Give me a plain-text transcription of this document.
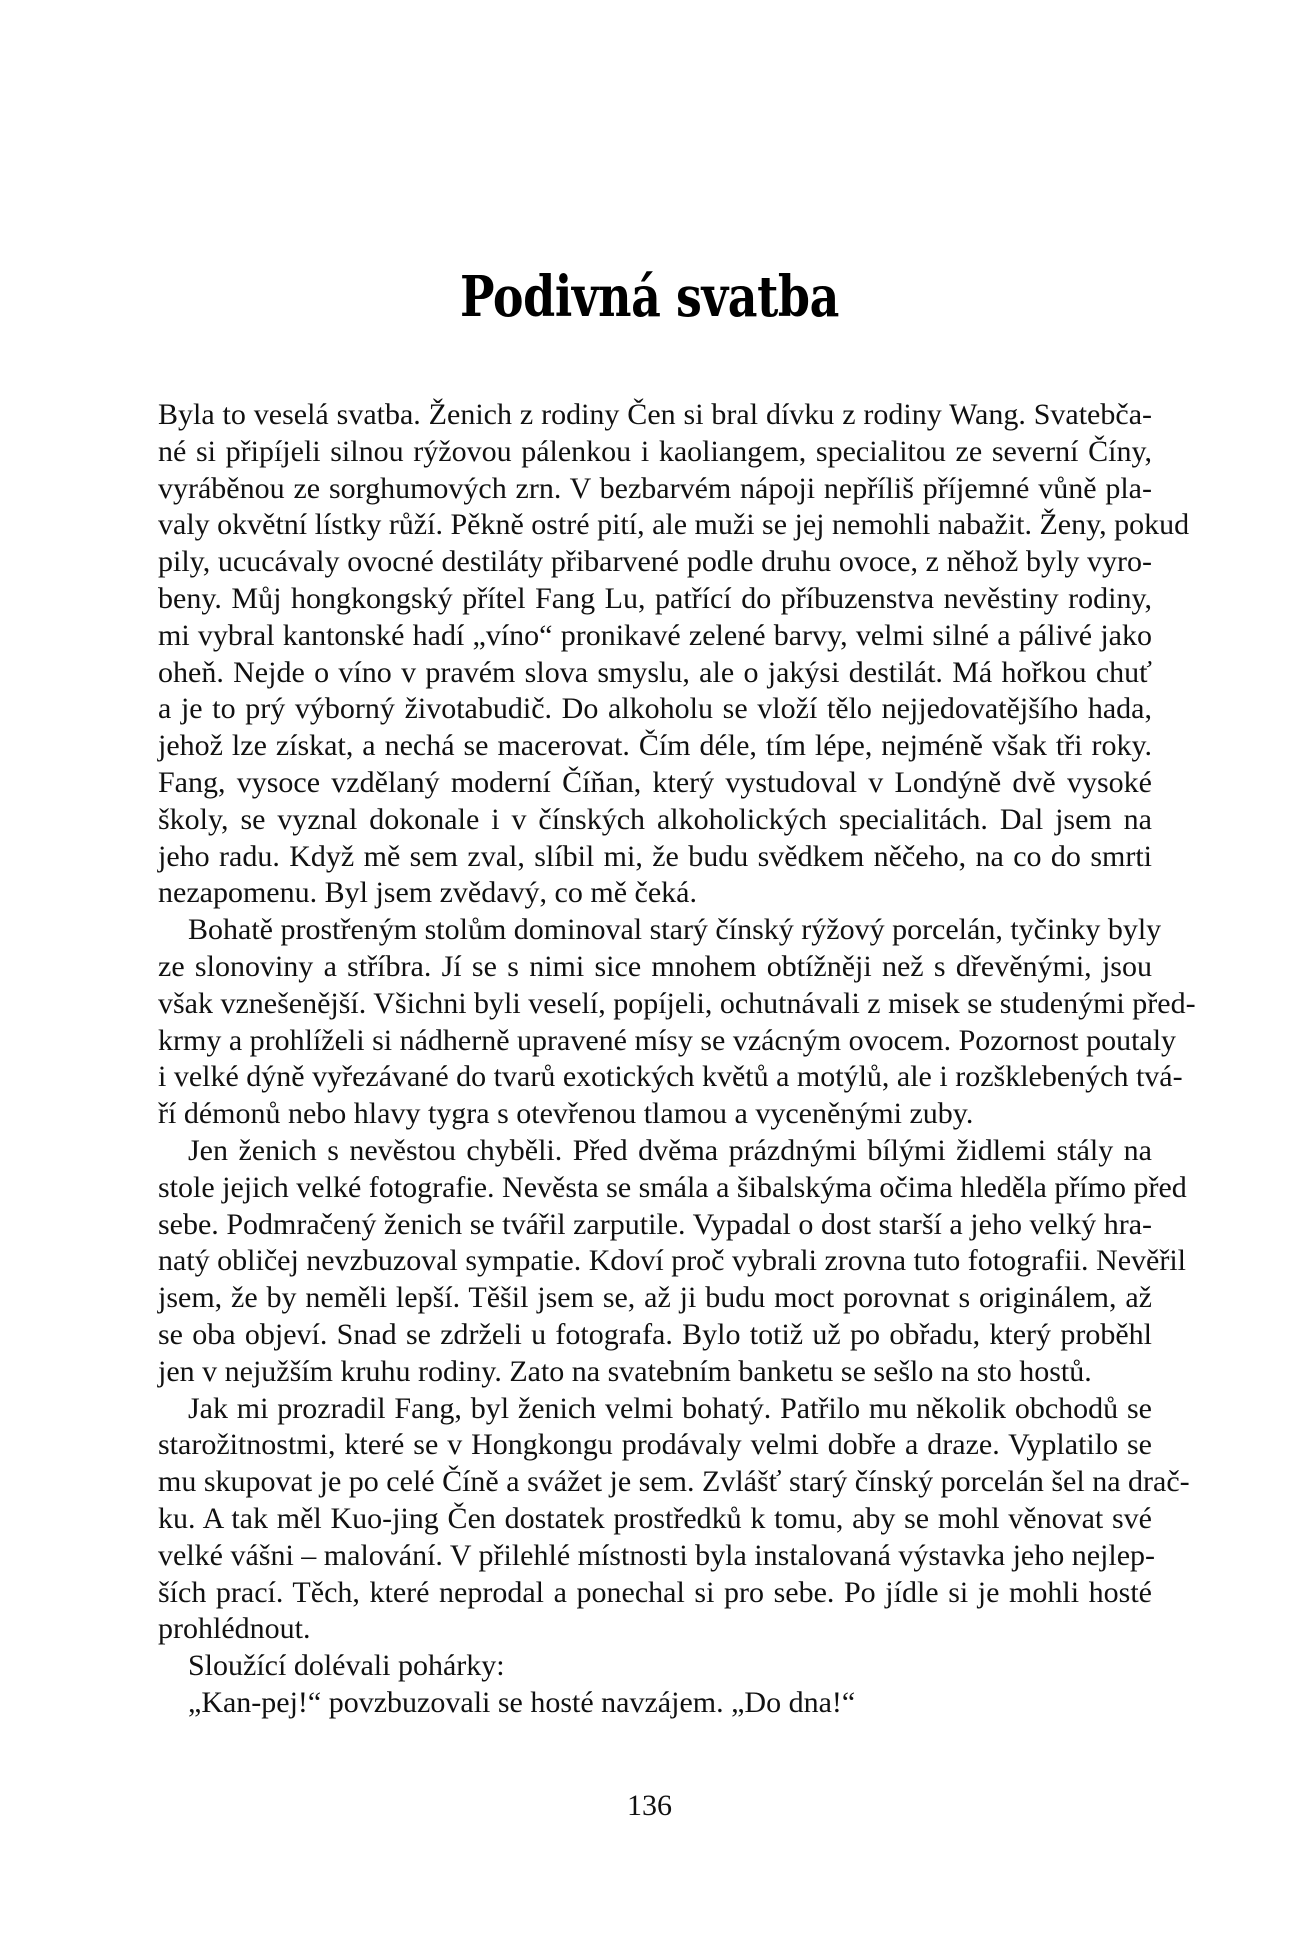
Podivná svatba
Byla to veselá svatba. Ženich z rodiny Čen si bral dívku z rodiny Wang. Svatebča-
né si připíjeli silnou rýžovou pálenkou i kaoliangem, specialitou ze severní Číny,
vyráběnou ze sorghumových zrn. V bezbarvém nápoji nepříliš příjemné vůně pla-
valy okvětní lístky růží. Pěkně ostré pití, ale muži se jej nemohli nabažit. Ženy, pokud
pily, ucucávaly ovocné destiláty přibarvené podle druhu ovoce, z něhož byly vyro-
beny. Můj hongkongský přítel Fang Lu, patřící do příbuzenstva nevěstiny rodiny,
mi vybral kantonské hadí „víno“ pronikavé zelené barvy, velmi silné a pálivé jako
oheň. Nejde o víno v pravém slova smyslu, ale o jakýsi destilát. Má hořkou chuť
a je to prý výborný životabudič. Do alkoholu se vloží tělo nejjedovatějšího hada,
jehož lze získat, a nechá se macerovat. Čím déle, tím lépe, nejméně však tři roky.
Fang, vysoce vzdělaný moderní Číňan, který vystudoval v Londýně dvě vysoké
školy, se vyznal dokonale i v čínských alkoholických specialitách. Dal jsem na
jeho radu. Když mě sem zval, slíbil mi, že budu svědkem něčeho, na co do smrti
nezapomenu. Byl jsem zvědavý, co mě čeká.
Bohatě prostřeným stolům dominoval starý čínský rýžový porcelán, tyčinky byly
ze slonoviny a stříbra. Jí se s nimi sice mnohem obtížněji než s dřevěnými, jsou
však vznešenější. Všichni byli veselí, popíjeli, ochutnávali z misek se studenými před-
krmy a prohlíželi si nádherně upravené mísy se vzácným ovocem. Pozornost poutaly
i velké dýně vyřezávané do tvarů exotických květů a motýlů, ale i rozšklebených tvá-
ří démonů nebo hlavy tygra s otevřenou tlamou a vyceněnými zuby.
Jen ženich s nevěstou chyběli. Před dvěma prázdnými bílými židlemi stály na
stole jejich velké fotografie. Nevěsta se smála a šibalskýma očima hleděla přímo před
sebe. Podmračený ženich se tvářil zarputile. Vypadal o dost starší a jeho velký hra-
natý obličej nevzbuzoval sympatie. Kdoví proč vybrali zrovna tuto fotografii. Nevěřil
jsem, že by neměli lepší. Těšil jsem se, až ji budu moct porovnat s originálem, až
se oba objeví. Snad se zdrželi u fotografa. Bylo totiž už po obřadu, který proběhl
jen v nejužším kruhu rodiny. Zato na svatebním banketu se sešlo na sto hostů.
Jak mi prozradil Fang, byl ženich velmi bohatý. Patřilo mu několik obchodů se
starožitnostmi, které se v Hongkongu prodávaly velmi dobře a draze. Vyplatilo se
mu skupovat je po celé Číně a svážet je sem. Zvlášť starý čínský porcelán šel na drač-
ku. A tak měl Kuo-jing Čen dostatek prostředků k tomu, aby se mohl věnovat své
velké vášni – malování. V přilehlé místnosti byla instalovaná výstavka jeho nejlep-
ších prací. Těch, které neprodal a ponechal si pro sebe. Po jídle si je mohli hosté
prohlédnout.
Sloužící dolévali pohárky:
„Kan-pej!“ povzbuzovali se hosté navzájem. „Do dna!“
136
